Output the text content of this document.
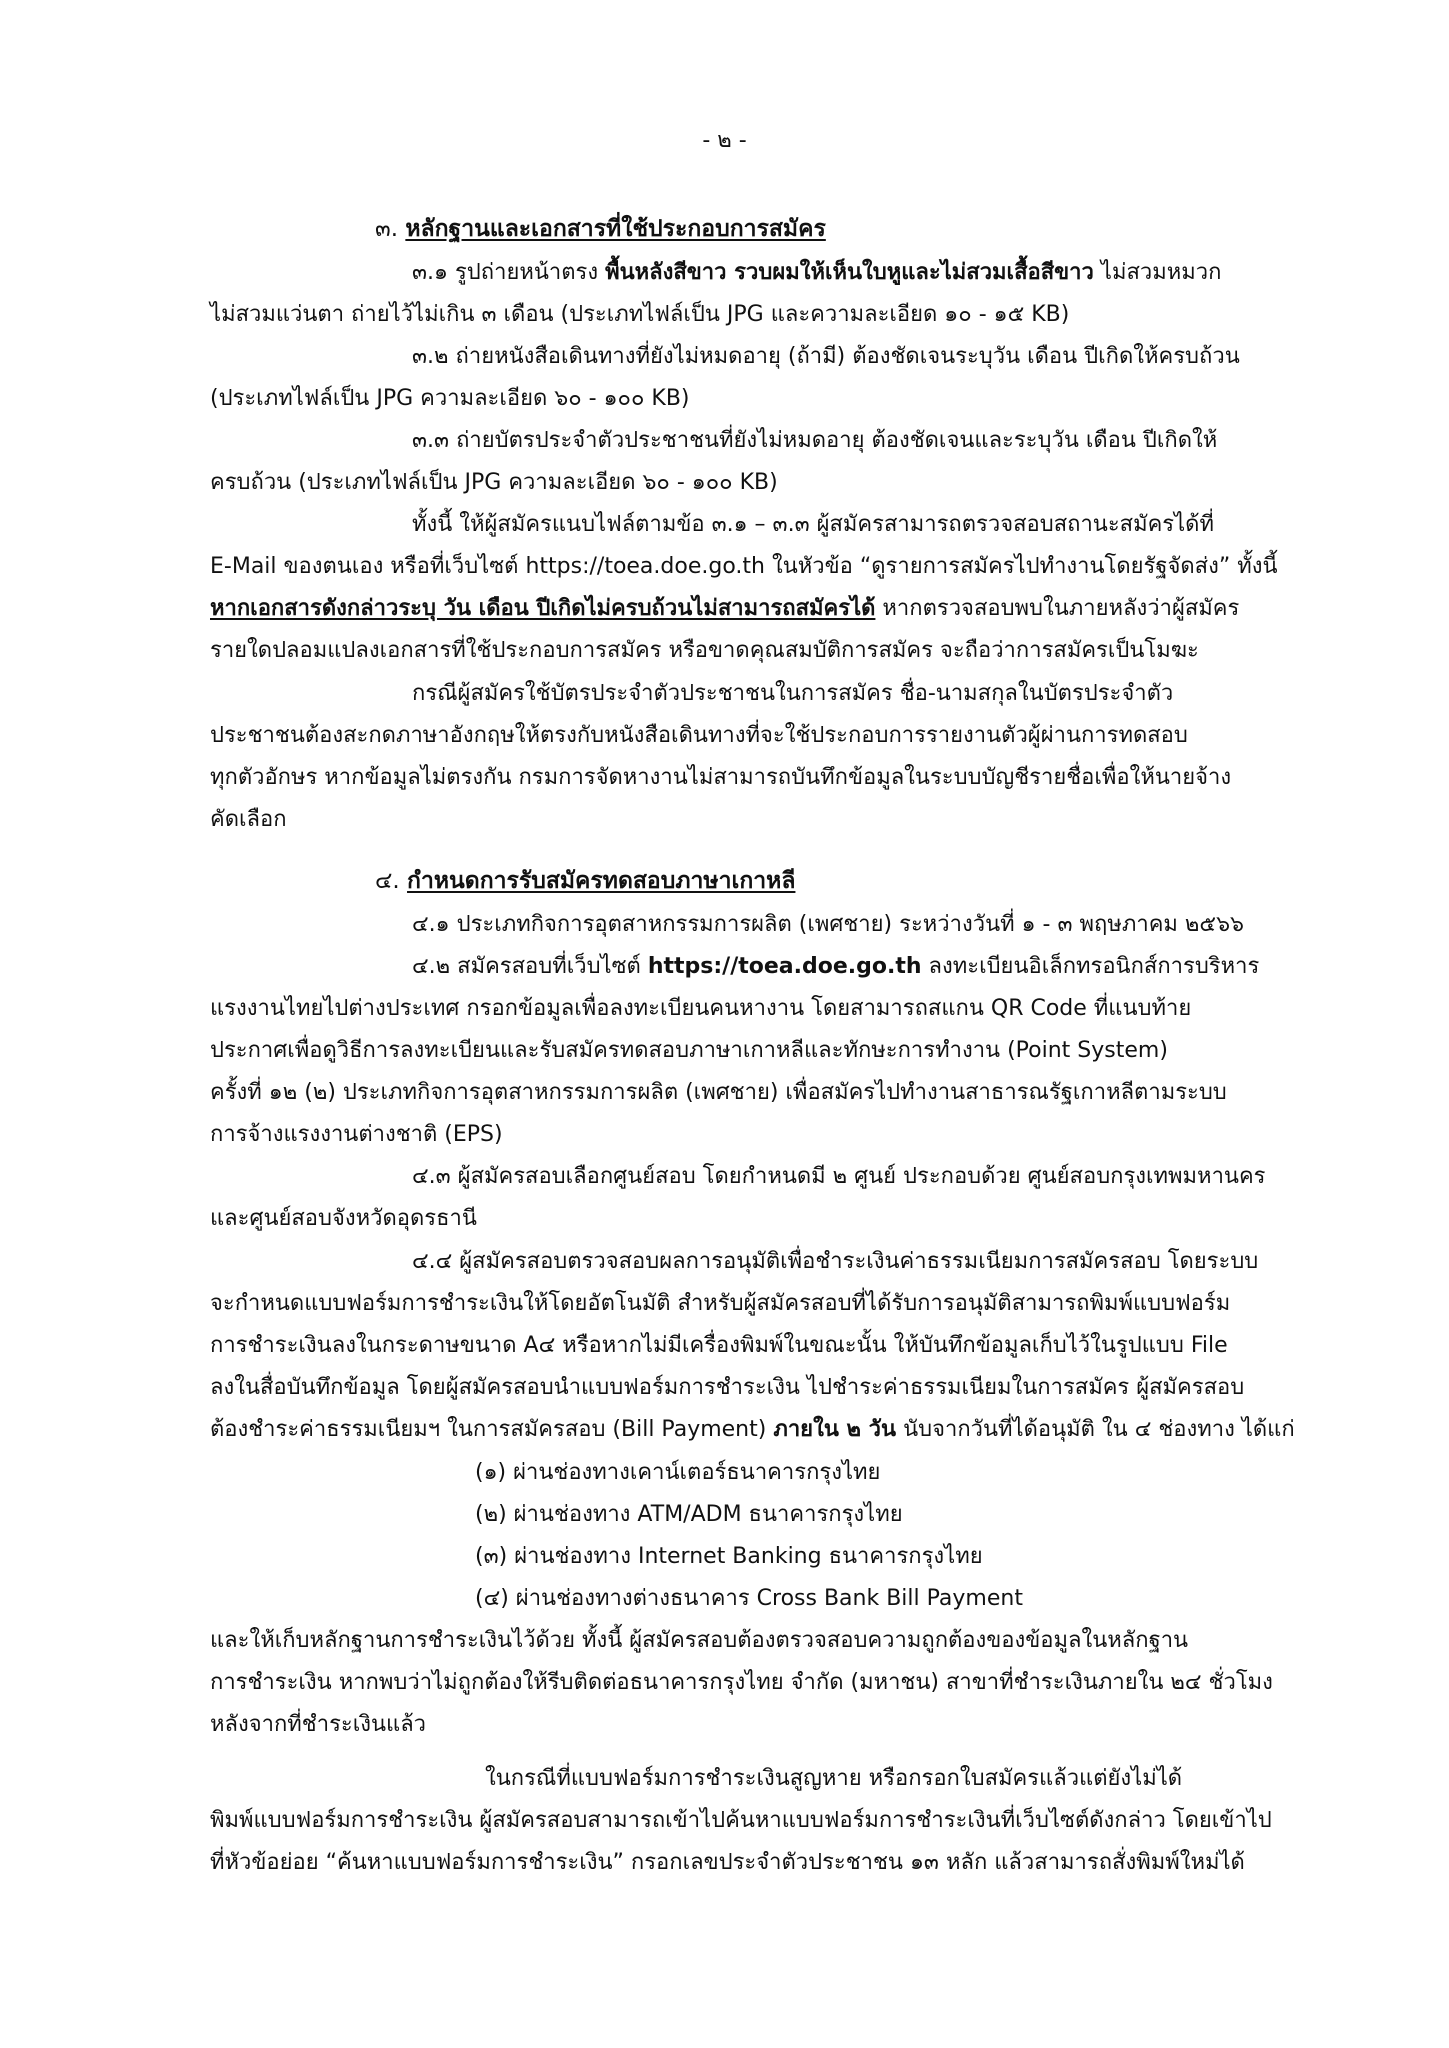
- ๒ -
๓. หลักฐานและเอกสารที่ใช้ประกอบการสมัคร
๓.๑ รูปถ่ายหน้าตรง พื้นหลังสีขาว รวบผมให้เห็นใบหูและไม่สวมเสื้อสีขาว ไม่สวมหมวก
ไม่สวมแว่นตา ถ่ายไว้ไม่เกิน ๓ เดือน (ประเภทไฟล์เป็น JPG และความละเอียด ๑๐ - ๑๕ KB)
๓.๒ ถ่ายหนังสือเดินทางที่ยังไม่หมดอายุ (ถ้ามี) ต้องชัดเจนระบุวัน เดือน ปีเกิดให้ครบถ้วน
(ประเภทไฟล์เป็น JPG ความละเอียด ๖๐ - ๑๐๐ KB)
๓.๓ ถ่ายบัตรประจำตัวประชาชนที่ยังไม่หมดอายุ ต้องชัดเจนและระบุวัน เดือน ปีเกิดให้
ครบถ้วน (ประเภทไฟล์เป็น JPG ความละเอียด ๖๐ - ๑๐๐ KB)
ทั้งนี้ ให้ผู้สมัครแนบไฟล์ตามข้อ ๓.๑ – ๓.๓ ผู้สมัครสามารถตรวจสอบสถานะสมัครได้ที่
E-Mail ของตนเอง หรือที่เว็บไซต์ https://toea.doe.go.th ในหัวข้อ “ดูรายการสมัครไปทำงานโดยรัฐจัดส่ง” ทั้งนี้
หากเอกสารดังกล่าวระบุ วัน เดือน ปีเกิดไม่ครบถ้วนไม่สามารถสมัครได้ หากตรวจสอบพบในภายหลังว่าผู้สมัคร
รายใดปลอมแปลงเอกสารที่ใช้ประกอบการสมัคร หรือขาดคุณสมบัติการสมัคร จะถือว่าการสมัครเป็นโมฆะ
กรณีผู้สมัครใช้บัตรประจำตัวประชาชนในการสมัคร ชื่อ-นามสกุลในบัตรประจำตัว
ประชาชนต้องสะกดภาษาอังกฤษให้ตรงกับหนังสือเดินทางที่จะใช้ประกอบการรายงานตัวผู้ผ่านการทดสอบ
ทุกตัวอักษร หากข้อมูลไม่ตรงกัน กรมการจัดหางานไม่สามารถบันทึกข้อมูลในระบบบัญชีรายชื่อเพื่อให้นายจ้าง
คัดเลือก
๔. กำหนดการรับสมัครทดสอบภาษาเกาหลี
๔.๑ ประเภทกิจการอุตสาหกรรมการผลิต (เพศชาย) ระหว่างวันที่ ๑ - ๓ พฤษภาคม ๒๕๖๖
๔.๒ สมัครสอบที่เว็บไซต์ https://toea.doe.go.th ลงทะเบียนอิเล็กทรอนิกส์การบริหาร
แรงงานไทยไปต่างประเทศ กรอกข้อมูลเพื่อลงทะเบียนคนหางาน โดยสามารถสแกน QR Code ที่แนบท้าย
ประกาศเพื่อดูวิธีการลงทะเบียนและรับสมัครทดสอบภาษาเกาหลีและทักษะการทำงาน (Point System)
ครั้งที่ ๑๒ (๒) ประเภทกิจการอุตสาหกรรมการผลิต (เพศชาย) เพื่อสมัครไปทำงานสาธารณรัฐเกาหลีตามระบบ
การจ้างแรงงานต่างชาติ (EPS)
๔.๓ ผู้สมัครสอบเลือกศูนย์สอบ โดยกำหนดมี ๒ ศูนย์ ประกอบด้วย ศูนย์สอบกรุงเทพมหานคร
และศูนย์สอบจังหวัดอุดรธานี
๔.๔ ผู้สมัครสอบตรวจสอบผลการอนุมัติเพื่อชำระเงินค่าธรรมเนียมการสมัครสอบ โดยระบบ
จะกำหนดแบบฟอร์มการชำระเงินให้โดยอัตโนมัติ สำหรับผู้สมัครสอบที่ได้รับการอนุมัติสามารถพิมพ์แบบฟอร์ม
การชำระเงินลงในกระดาษขนาด A๔ หรือหากไม่มีเครื่องพิมพ์ในขณะนั้น ให้บันทึกข้อมูลเก็บไว้ในรูปแบบ File
ลงในสื่อบันทึกข้อมูล โดยผู้สมัครสอบนำแบบฟอร์มการชำระเงิน ไปชำระค่าธรรมเนียมในการสมัคร ผู้สมัครสอบ
ต้องชำระค่าธรรมเนียมฯ ในการสมัครสอบ (Bill Payment) ภายใน ๒ วัน นับจากวันที่ได้อนุมัติ ใน ๔ ช่องทาง ได้แก่
(๑) ผ่านช่องทางเคาน์เตอร์ธนาคารกรุงไทย
(๒) ผ่านช่องทาง ATM/ADM ธนาคารกรุงไทย
(๓) ผ่านช่องทาง Internet Banking ธนาคารกรุงไทย
(๔) ผ่านช่องทางต่างธนาคาร Cross Bank Bill Payment
และให้เก็บหลักฐานการชำระเงินไว้ด้วย ทั้งนี้ ผู้สมัครสอบต้องตรวจสอบความถูกต้องของข้อมูลในหลักฐาน
การชำระเงิน หากพบว่าไม่ถูกต้องให้รีบติดต่อธนาคารกรุงไทย จำกัด (มหาชน) สาขาที่ชำระเงินภายใน ๒๔ ชั่วโมง
หลังจากที่ชำระเงินแล้ว
ในกรณีที่แบบฟอร์มการชำระเงินสูญหาย หรือกรอกใบสมัครแล้วแต่ยังไม่ได้
พิมพ์แบบฟอร์มการชำระเงิน ผู้สมัครสอบสามารถเข้าไปค้นหาแบบฟอร์มการชำระเงินที่เว็บไซต์ดังกล่าว โดยเข้าไป
ที่หัวข้อย่อย “ค้นหาแบบฟอร์มการชำระเงิน” กรอกเลขประจำตัวประชาชน ๑๓ หลัก แล้วสามารถสั่งพิมพ์ใหม่ได้
